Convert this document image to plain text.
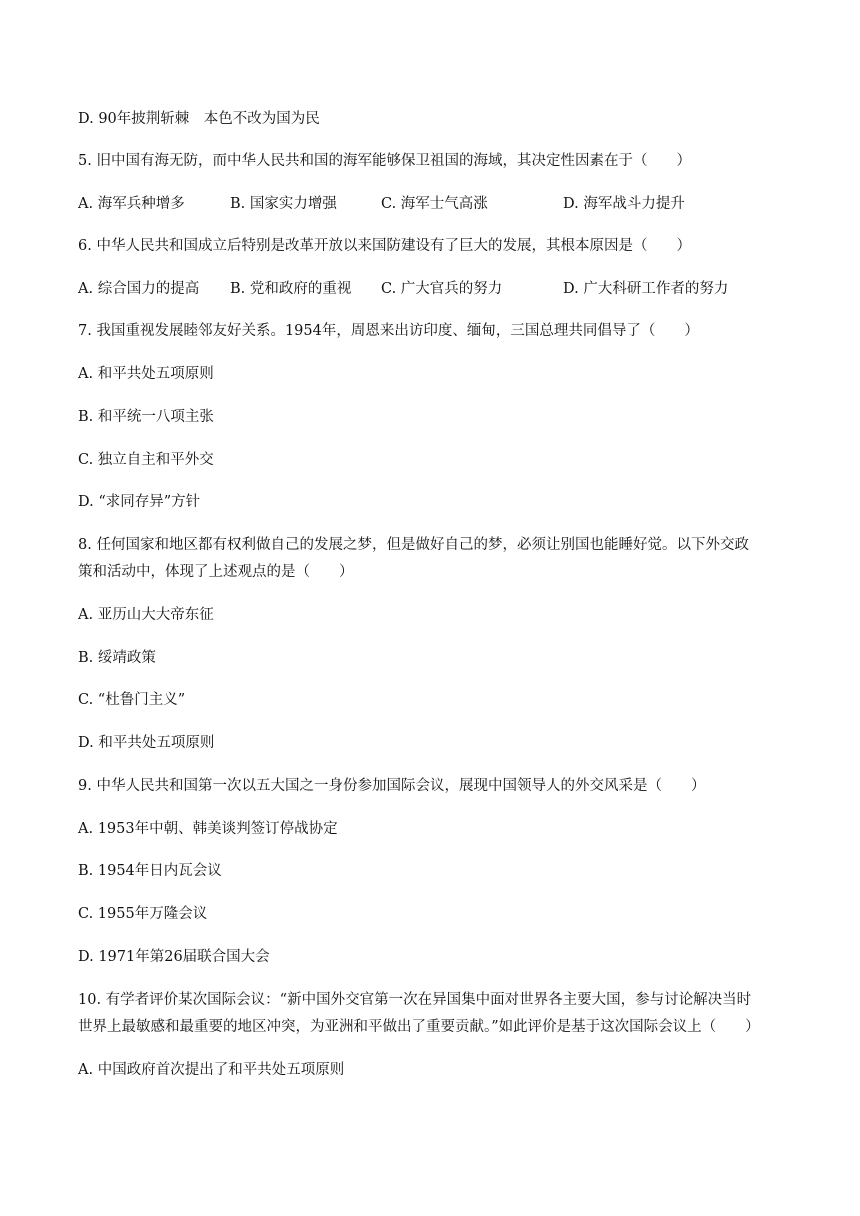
D. 90年披荆斩棘　本色不改为国为民
5. 旧中国有海无防，而中华人民共和国的海军能够保卫祖国的海域，其决定性因素在于（　　）
A. 海军兵种增多	B. 国家实力增强	C. 海军士气高涨	D. 海军战斗力提升
6. 中华人民共和国成立后特别是改革开放以来国防建设有了巨大的发展，其根本原因是（　　）
A. 综合国力的提高 B. 党和政府的重视 C. 广大官兵的努力	D. 广大科研工作者的努力
7. 我国重视发展睦邻友好关系。1954年，周恩来出访印度、缅甸，三国总理共同倡导了（　　）
A. 和平共处五项原则
B. 和平统一八项主张
C. 独立自主和平外交
D. “求同存异”方针
8. 任何国家和地区都有权利做自己的发展之梦，但是做好自己的梦，必须让别国也能睡好觉。以下外交政
策和活动中，体现了上述观点的是（　　）
A. 亚历山大大帝东征
B. 绥靖政策
C. “杜鲁门主义”
D. 和平共处五项原则
9. 中华人民共和国第一次以五大国之一身份参加国际会议，展现中国领导人的外交风采是（　　）
A. 1953年中朝、韩美谈判签订停战协定
B. 1954年日内瓦会议
C. 1955年万隆会议
D. 1971年第26届联合国大会
10. 有学者评价某次国际会议：“新中国外交官第一次在异国集中面对世界各主要大国，参与讨论解决当时
世界上最敏感和最重要的地区冲突，为亚洲和平做出了重要贡献。”如此评价是基于这次国际会议上（　　）
A. 中国政府首次提出了和平共处五项原则
